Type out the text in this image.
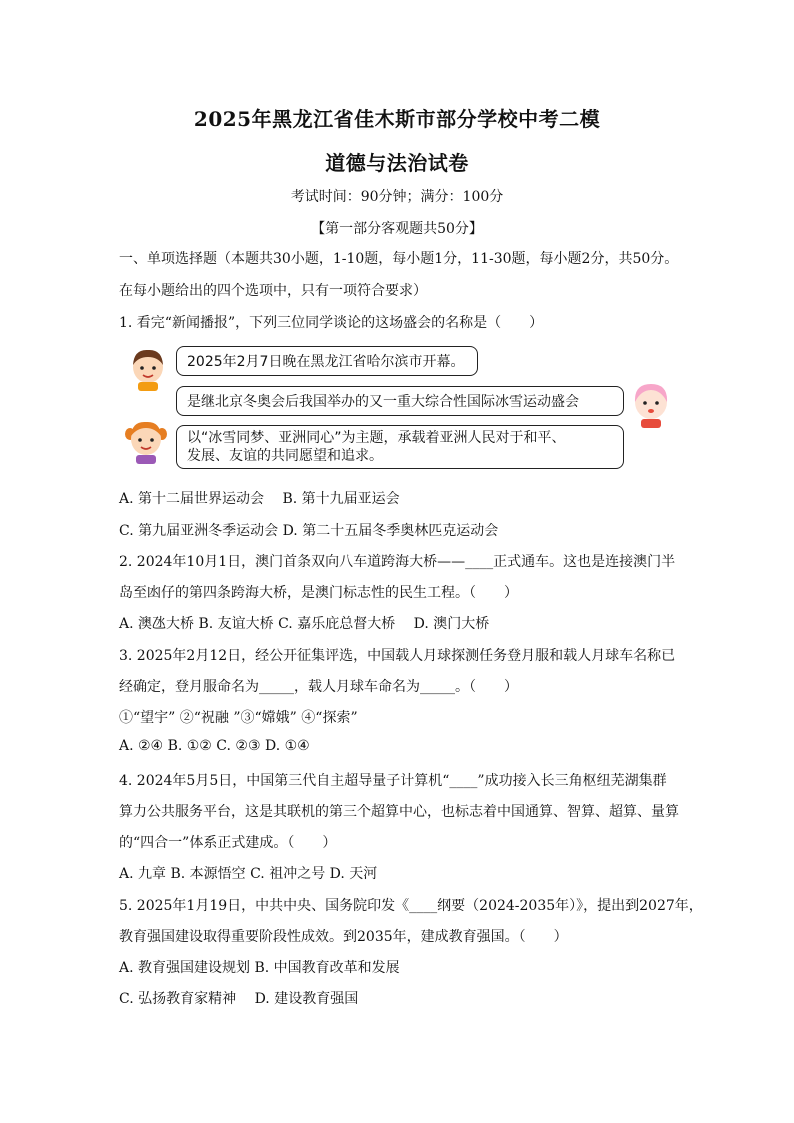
2025年黑龙江省佳木斯市部分学校中考二模
道德与法治试卷
考试时间：90分钟；满分：100分
【第一部分客观题共50分】
一、单项选择题（本题共30小题，1-10题，每小题1分，11-30题，每小题2分，共50分。
在每小题给出的四个选项中，只有一项符合要求）
1. 看完“新闻播报”，下列三位同学谈论的这场盛会的名称是（　　）
2025年2月7日晚在黑龙江省哈尔滨市开幕。
是继北京冬奥会后我国举办的又一重大综合性国际冰雪运动盛会
以“冰雪同梦、亚洲同心”为主题，承载着亚洲人民对于和平、
发展、友谊的共同愿望和追求。
A. 第十二届世界运动会　 B. 第十九届亚运会
C. 第九届亚洲冬季运动会 D. 第二十五届冬季奥林匹克运动会
2. 2024年10月1日，澳门首条双向八车道跨海大桥——____正式通车。这也是连接澳门半
岛至凼仔的第四条跨海大桥，是澳门标志性的民生工程。（　　）
A. 澳氹大桥 B. 友谊大桥 C. 嘉乐庇总督大桥　 D. 澳门大桥
3. 2025年2月12日，经公开征集评选，中国载人月球探测任务登月服和载人月球车名称已
经确定，登月服命名为_____，载人月球车命名为_____。（　　）
①“望宇” ②“祝融 ”③“嫦娥” ④“探索”
A. ②④ B. ①② C. ②③ D. ①④
4. 2024年5月5日，中国第三代自主超导量子计算机“____”成功接入长三角枢纽芜湖集群
算力公共服务平台，这是其联机的第三个超算中心，也标志着中国通算、智算、超算、量算
的“四合一”体系正式建成。（　　）
A. 九章 B. 本源悟空 C. 祖冲之号 D. 天河
5. 2025年1月19日，中共中央、国务院印发《____纲要（2024-2035年）》，提出到2027年，
教育强国建设取得重要阶段性成效。到2035年，建成教育强国。（　　）
A. 教育强国建设规划 B. 中国教育改革和发展
C. 弘扬教育家精神　 D. 建设教育强国
